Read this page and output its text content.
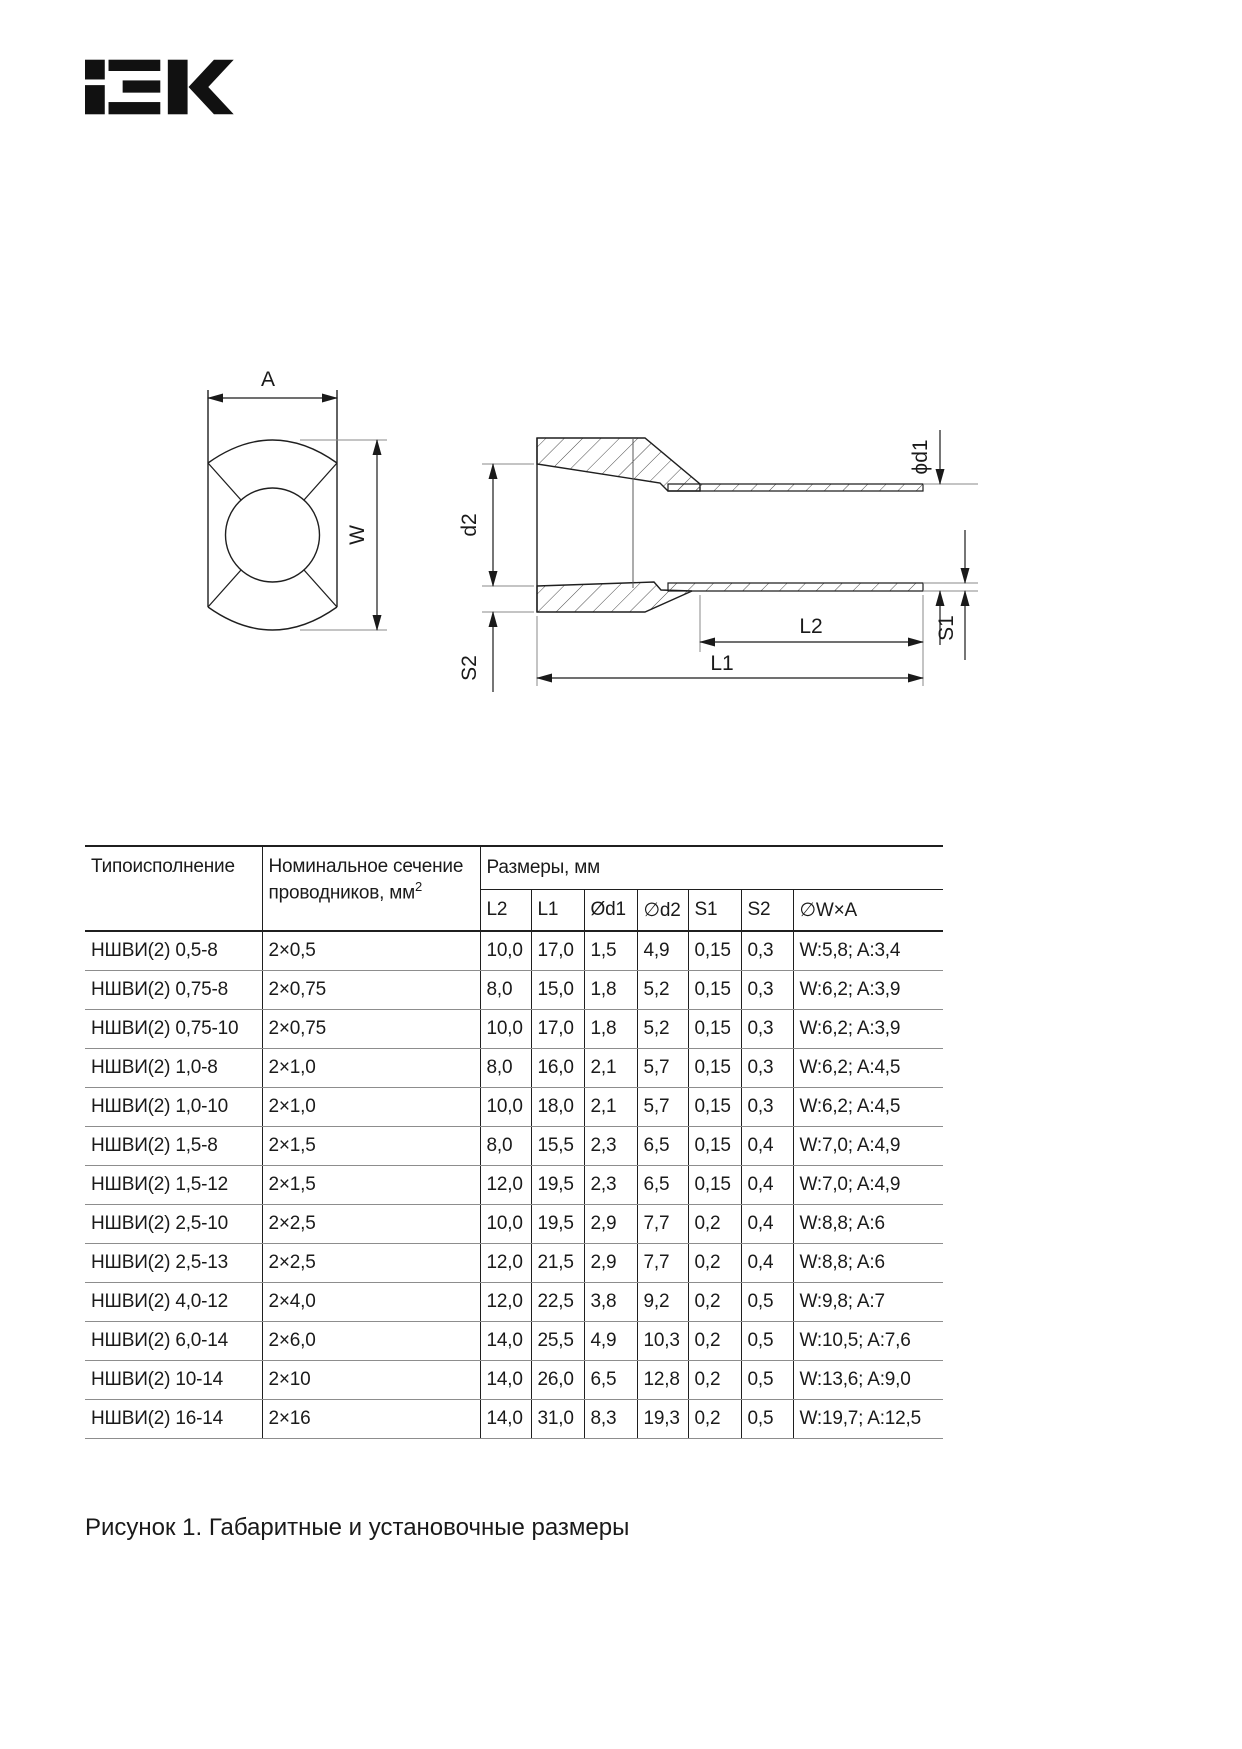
A
W	d2
S2
L2
L1
ϕd1
S1
Типоисполнение	Номинальное сечение проводников, $мм^2$	Размеры, мм						
		L2	L1	Ød1	∅d2	S1	S2	∅W×A
НШВИ(2) 0,5-8	2×0,5	10,0	17,0	1,5	4,9	0,15	0,3	W:5,8; A:3,4
НШВИ(2) 0,75-8	2×0,75	8,0	15,0	1,8	5,2	0,15	0,3	W:6,2; A:3,9
НШВИ(2) 0,75-10	2×0,75	10,0	17,0	1,8	5,2	0,15	0,3	W:6,2; A:3,9
НШВИ(2) 1,0-8	2×1,0	8,0	16,0	2,1	5,7	0,15	0,3	W:6,2; A:4,5
НШВИ(2) 1,0-10	2×1,0	10,0	18,0	2,1	5,7	0,15	0,3	W:6,2; A:4,5
НШВИ(2) 1,5-8	2×1,5	8,0	15,5	2,3	6,5	0,15	0,4	W:7,0; A:4,9
НШВИ(2) 1,5-12	2×1,5	12,0	19,5	2,3	6,5	0,15	0,4	W:7,0; A:4,9
НШВИ(2) 2,5-10	2×2,5	10,0	19,5	2,9	7,7	0,2	0,4	W:8,8; A:6
НШВИ(2) 2,5-13	2×2,5	12,0	21,5	2,9	7,7	0,2	0,4	W:8,8; A:6
НШВИ(2) 4,0-12	2×4,0	12,0	22,5	3,8	9,2	0,2	0,5	W:9,8; A:7
НШВИ(2) 6,0-14	2×6,0	14,0	25,5	4,9	10,3	0,2	0,5	W:10,5; A:7,6
НШВИ(2) 10-14	2×10	14,0	26,0	6,5	12,8	0,2	0,5	W:13,6; A:9,0
НШВИ(2) 16-14	2×16	14,0	31,0	8,3	19,3	0,2	0,5	W:19,7; A:12,5
Рисунок 1. Габаритные и установочные размеры
